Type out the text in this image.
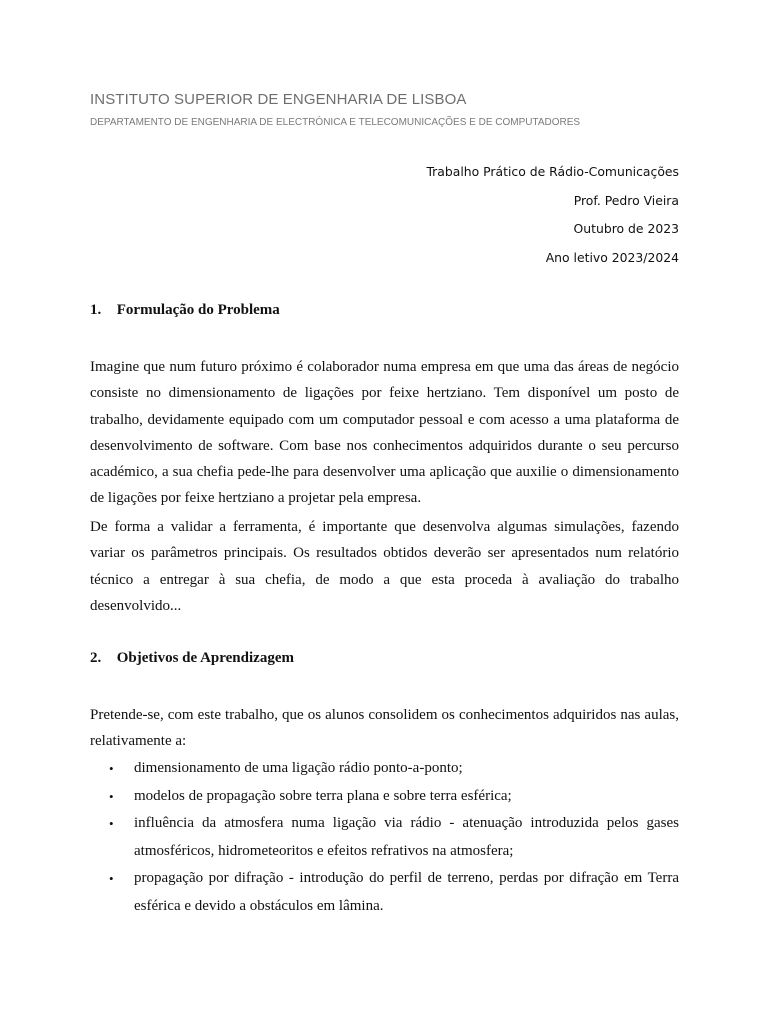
INSTITUTO SUPERIOR DE ENGENHARIA DE LISBOA
DEPARTAMENTO DE ENGENHARIA DE ELECTRÓNICA E TELECOMUNICAÇÕES E DE COMPUTADORES
Trabalho Prático de Rádio-Comunicações
Prof. Pedro Vieira
Outubro de 2023
Ano letivo 2023/2024
1. Formulação do Problema
Imagine que num futuro próximo é colaborador numa empresa em que uma das áreas de negócio
consiste no dimensionamento de ligações por feixe hertziano. Tem disponível um posto de
trabalho, devidamente equipado com um computador pessoal e com acesso a uma plataforma de
desenvolvimento de software. Com base nos conhecimentos adquiridos durante o seu percurso
académico, a sua chefia pede-lhe para desenvolver uma aplicação que auxilie o dimensionamento
de ligações por feixe hertziano a projetar pela empresa.
De forma a validar a ferramenta, é importante que desenvolva algumas simulações, fazendo
variar os parâmetros principais. Os resultados obtidos deverão ser apresentados num relatório
técnico a entregar à sua chefia, de modo a que esta proceda à avaliação do trabalho
desenvolvido...
2. Objetivos de Aprendizagem
Pretende-se, com este trabalho, que os alunos consolidem os conhecimentos adquiridos nas aulas,
relativamente a:
• dimensionamento de uma ligação rádio ponto-a-ponto;
• modelos de propagação sobre terra plana e sobre terra esférica;
• influência da atmosfera numa ligação via rádio - atenuação introduzida pelos gases
atmosféricos, hidrometeoritos e efeitos refrativos na atmosfera;
• propagação por difração - introdução do perfil de terreno, perdas por difração em Terra
esférica e devido a obstáculos em lâmina.
